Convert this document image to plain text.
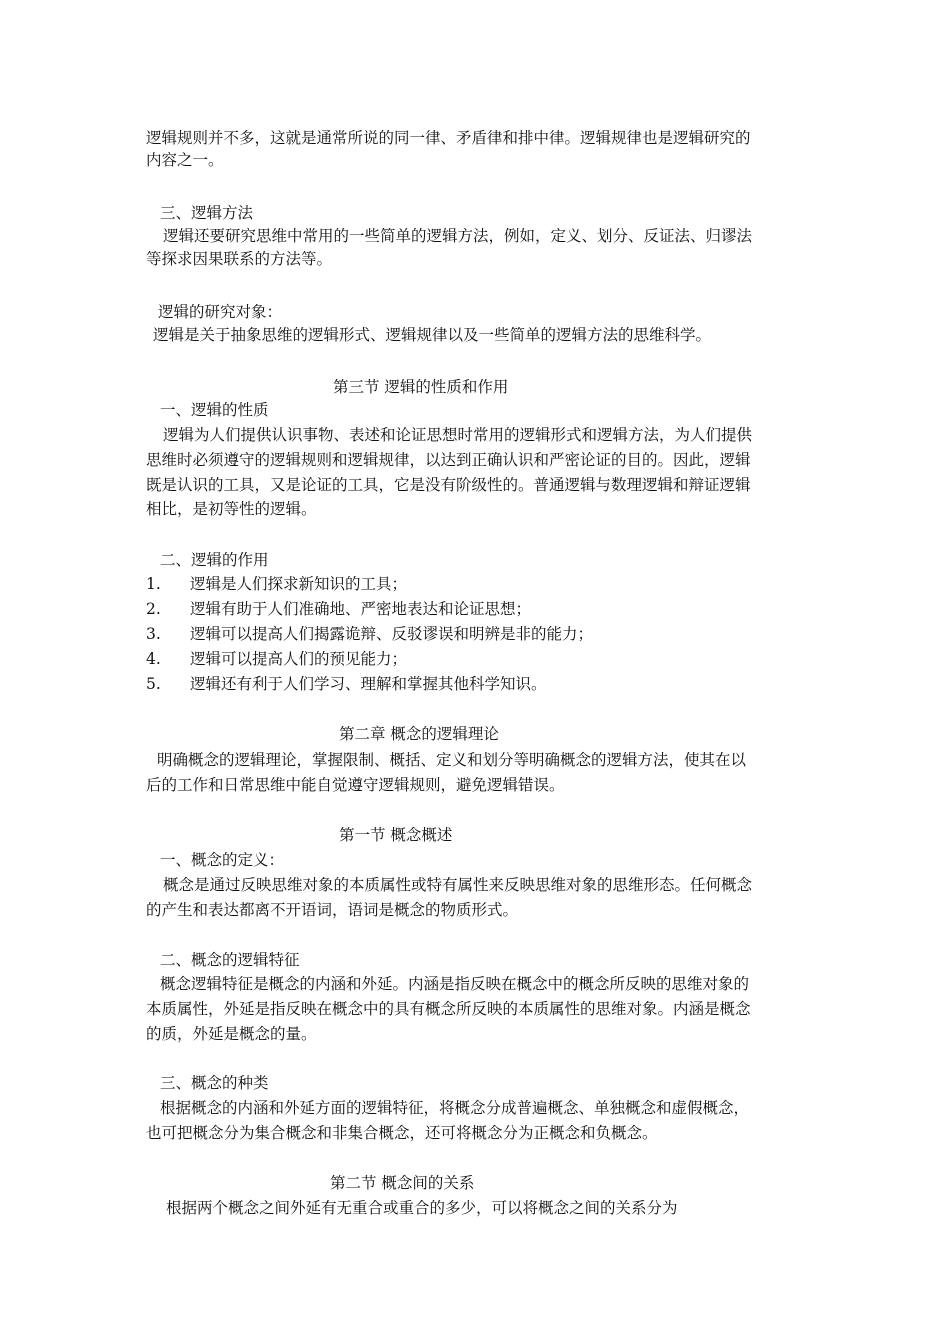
逻辑规则并不多，这就是通常所说的同一律、矛盾律和排中律。逻辑规律也是逻辑研究的
内容之一。
三、逻辑方法
逻辑还要研究思维中常用的一些简单的逻辑方法，例如，定义、划分、反证法、归谬法
等探求因果联系的方法等。
逻辑的研究对象：
逻辑是关于抽象思维的逻辑形式、逻辑规律以及一些简单的逻辑方法的思维科学。
第三节 逻辑的性质和作用
一、逻辑的性质
逻辑为人们提供认识事物、表述和论证思想时常用的逻辑形式和逻辑方法，为人们提供
思维时必须遵守的逻辑规则和逻辑规律，以达到正确认识和严密论证的目的。因此，逻辑
既是认识的工具，又是论证的工具，它是没有阶级性的。普通逻辑与数理逻辑和辩证逻辑
相比，是初等性的逻辑。
二、逻辑的作用
1. 逻辑是人们探求新知识的工具；
2. 逻辑有助于人们准确地、严密地表达和论证思想；
3. 逻辑可以提高人们揭露诡辩、反驳谬误和明辨是非的能力；
4. 逻辑可以提高人们的预见能力；
5. 逻辑还有利于人们学习、理解和掌握其他科学知识。
第二章 概念的逻辑理论
明确概念的逻辑理论，掌握限制、概括、定义和划分等明确概念的逻辑方法，使其在以
后的工作和日常思维中能自觉遵守逻辑规则，避免逻辑错误。
第一节 概念概述
一、概念的定义：
概念是通过反映思维对象的本质属性或特有属性来反映思维对象的思维形态。任何概念
的产生和表达都离不开语词，语词是概念的物质形式。
二、概念的逻辑特征
概念逻辑特征是概念的内涵和外延。内涵是指反映在概念中的概念所反映的思维对象的
本质属性，外延是指反映在概念中的具有概念所反映的本质属性的思维对象。内涵是概念
的质，外延是概念的量。
三、概念的种类
根据概念的内涵和外延方面的逻辑特征，将概念分成普遍概念、单独概念和虚假概念，
也可把概念分为集合概念和非集合概念，还可将概念分为正概念和负概念。
第二节 概念间的关系
根据两个概念之间外延有无重合或重合的多少，可以将概念之间的关系分为
